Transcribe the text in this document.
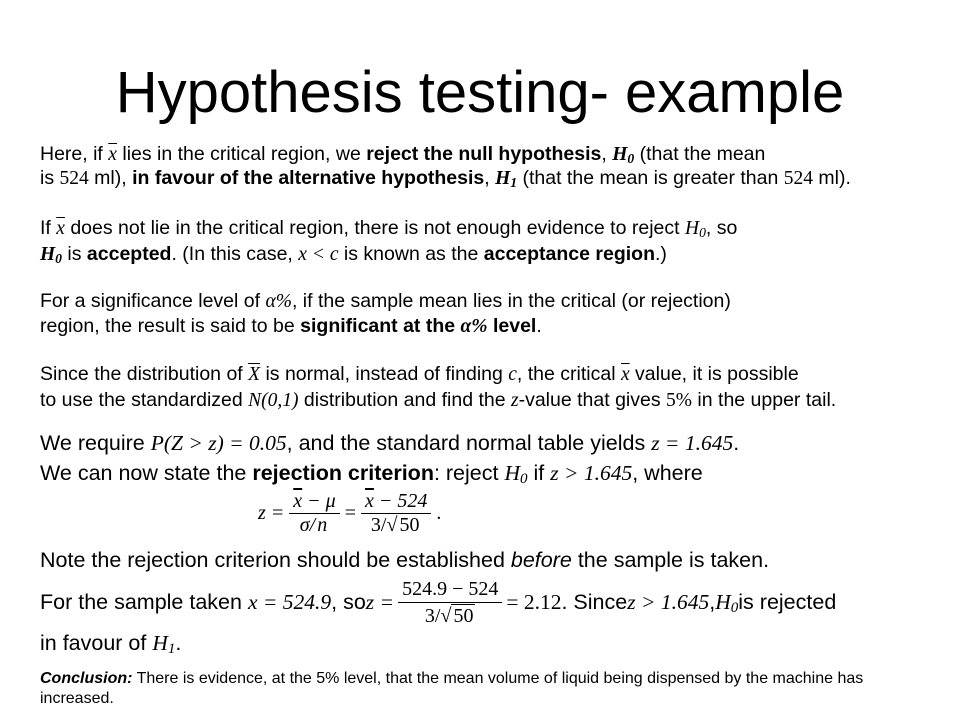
Hypothesis testing- example
Here, if $\overline{x}$ lies in the critical region, we reject the null hypothesis, $H_0$ (that the mean
is 524 ml), in favour of the alternative hypothesis, $H_1$ (that the mean is greater than 524 ml).
If $\overline{x}$ does not lie in the critical region, there is not enough evidence to reject $H_0$, so
$H_0$ is accepted. (In this case, x < c is known as the acceptance region.)
For a significance level of α%, if the sample mean lies in the critical (or rejection)
region, the result is said to be significant at the α% level.
Since the distribution of $\overline{X}$ is normal, instead of finding c, the critical $\overline{x}$ value, it is possible
to use the standardized N(0,1) distribution and find the z-value that gives 5% in the upper tail.
We require P(Z > z) = 0.05, and the standard normal table yields z = 1.645.
We can now state the rejection criterion: reject $H_0$ if z > 1.645, where
$z = \frac{\overline{x} - \mu}{\sigma/ n} = \frac{\overline{x} - 524}{3/√ 50}$ .
Note the rejection criterion should be established before the sample is taken.
For the sample taken
x = 524.9 , so $z = \frac{524.9 - 524}{3/√ 50} = 2.12$ . Since z > 1.645 , $H_0$ is rejected
in favour of $H_1$.
Conclusion: There is evidence, at the 5% level, that the mean volume of liquid being dispensed by the machine has increased.
